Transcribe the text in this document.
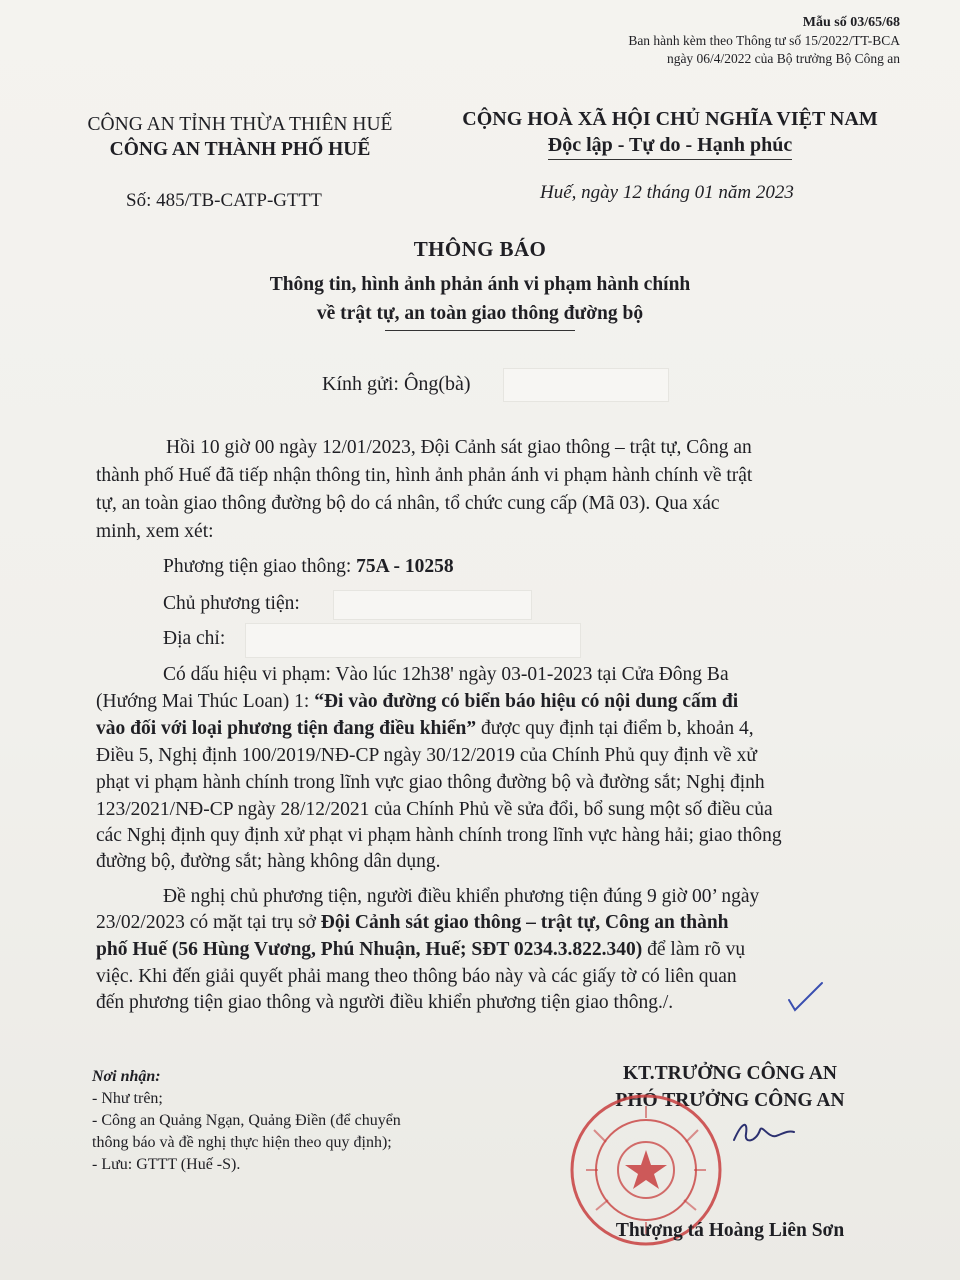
Mẫu số 03/65/68
Ban hành kèm theo Thông tư số 15/2022/TT-BCA
ngày 06/4/2022 của Bộ trưởng Bộ Công an
CÔNG AN TỈNH THỪA THIÊN HUẾ
CÔNG AN THÀNH PHỐ HUẾ
CỘNG HOÀ XÃ HỘI CHỦ NGHĨA VIỆT NAM
Độc lập - Tự do - Hạnh phúc
Số: 485/TB-CATP-GTTT	Huế, ngày 12 tháng 01 năm 2023
THÔNG BÁO
Thông tin, hình ảnh phản ánh vi phạm hành chính
về trật tự, an toàn giao thông đường bộ
Kính gửi: Ông(bà)
Hồi 10 giờ 00 ngày 12/01/2023, Đội Cảnh sát giao thông – trật tự, Công an
thành phố Huế đã tiếp nhận thông tin, hình ảnh phản ánh vi phạm hành chính về trật
tự, an toàn giao thông đường bộ do cá nhân, tổ chức cung cấp (Mã 03). Qua xác
minh, xem xét:
Phương tiện giao thông: 75A - 10258
Chủ phương tiện:
Địa chỉ:
Có dấu hiệu vi phạm: Vào lúc 12h38' ngày 03-01-2023 tại Cửa Đông Ba
(Hướng Mai Thúc Loan) 1: “Đi vào đường có biển báo hiệu có nội dung cấm đi
vào đối với loại phương tiện đang điều khiển” được quy định tại điểm b, khoản 4,
Điều 5, Nghị định 100/2019/NĐ-CP ngày 30/12/2019 của Chính Phủ quy định về xử
phạt vi phạm hành chính trong lĩnh vực giao thông đường bộ và đường sắt; Nghị định
123/2021/NĐ-CP ngày 28/12/2021 của Chính Phủ về sửa đổi, bổ sung một số điều của
các Nghị định quy định xử phạt vi phạm hành chính trong lĩnh vực hàng hải; giao thông
đường bộ, đường sắt; hàng không dân dụng.
Đề nghị chủ phương tiện, người điều khiển phương tiện đúng 9 giờ 00’ ngày
23/02/2023 có mặt tại trụ sở Đội Cảnh sát giao thông – trật tự, Công an thành
phố Huế (56 Hùng Vương, Phú Nhuận, Huế; SĐT 0234.3.822.340) để làm rõ vụ
việc. Khi đến giải quyết phải mang theo thông báo này và các giấy tờ có liên quan
đến phương tiện giao thông và người điều khiển phương tiện giao thông./.
Nơi nhận:
- Như trên;
- Công an Quảng Ngạn, Quảng Điền (để chuyển
thông báo và đề nghị thực hiện theo quy định);
- Lưu: GTTT (Huế -S).
KT.TRƯỞNG CÔNG AN
PHÓ TRƯỞNG CÔNG AN
Thượng tá Hoàng Liên Sơn
